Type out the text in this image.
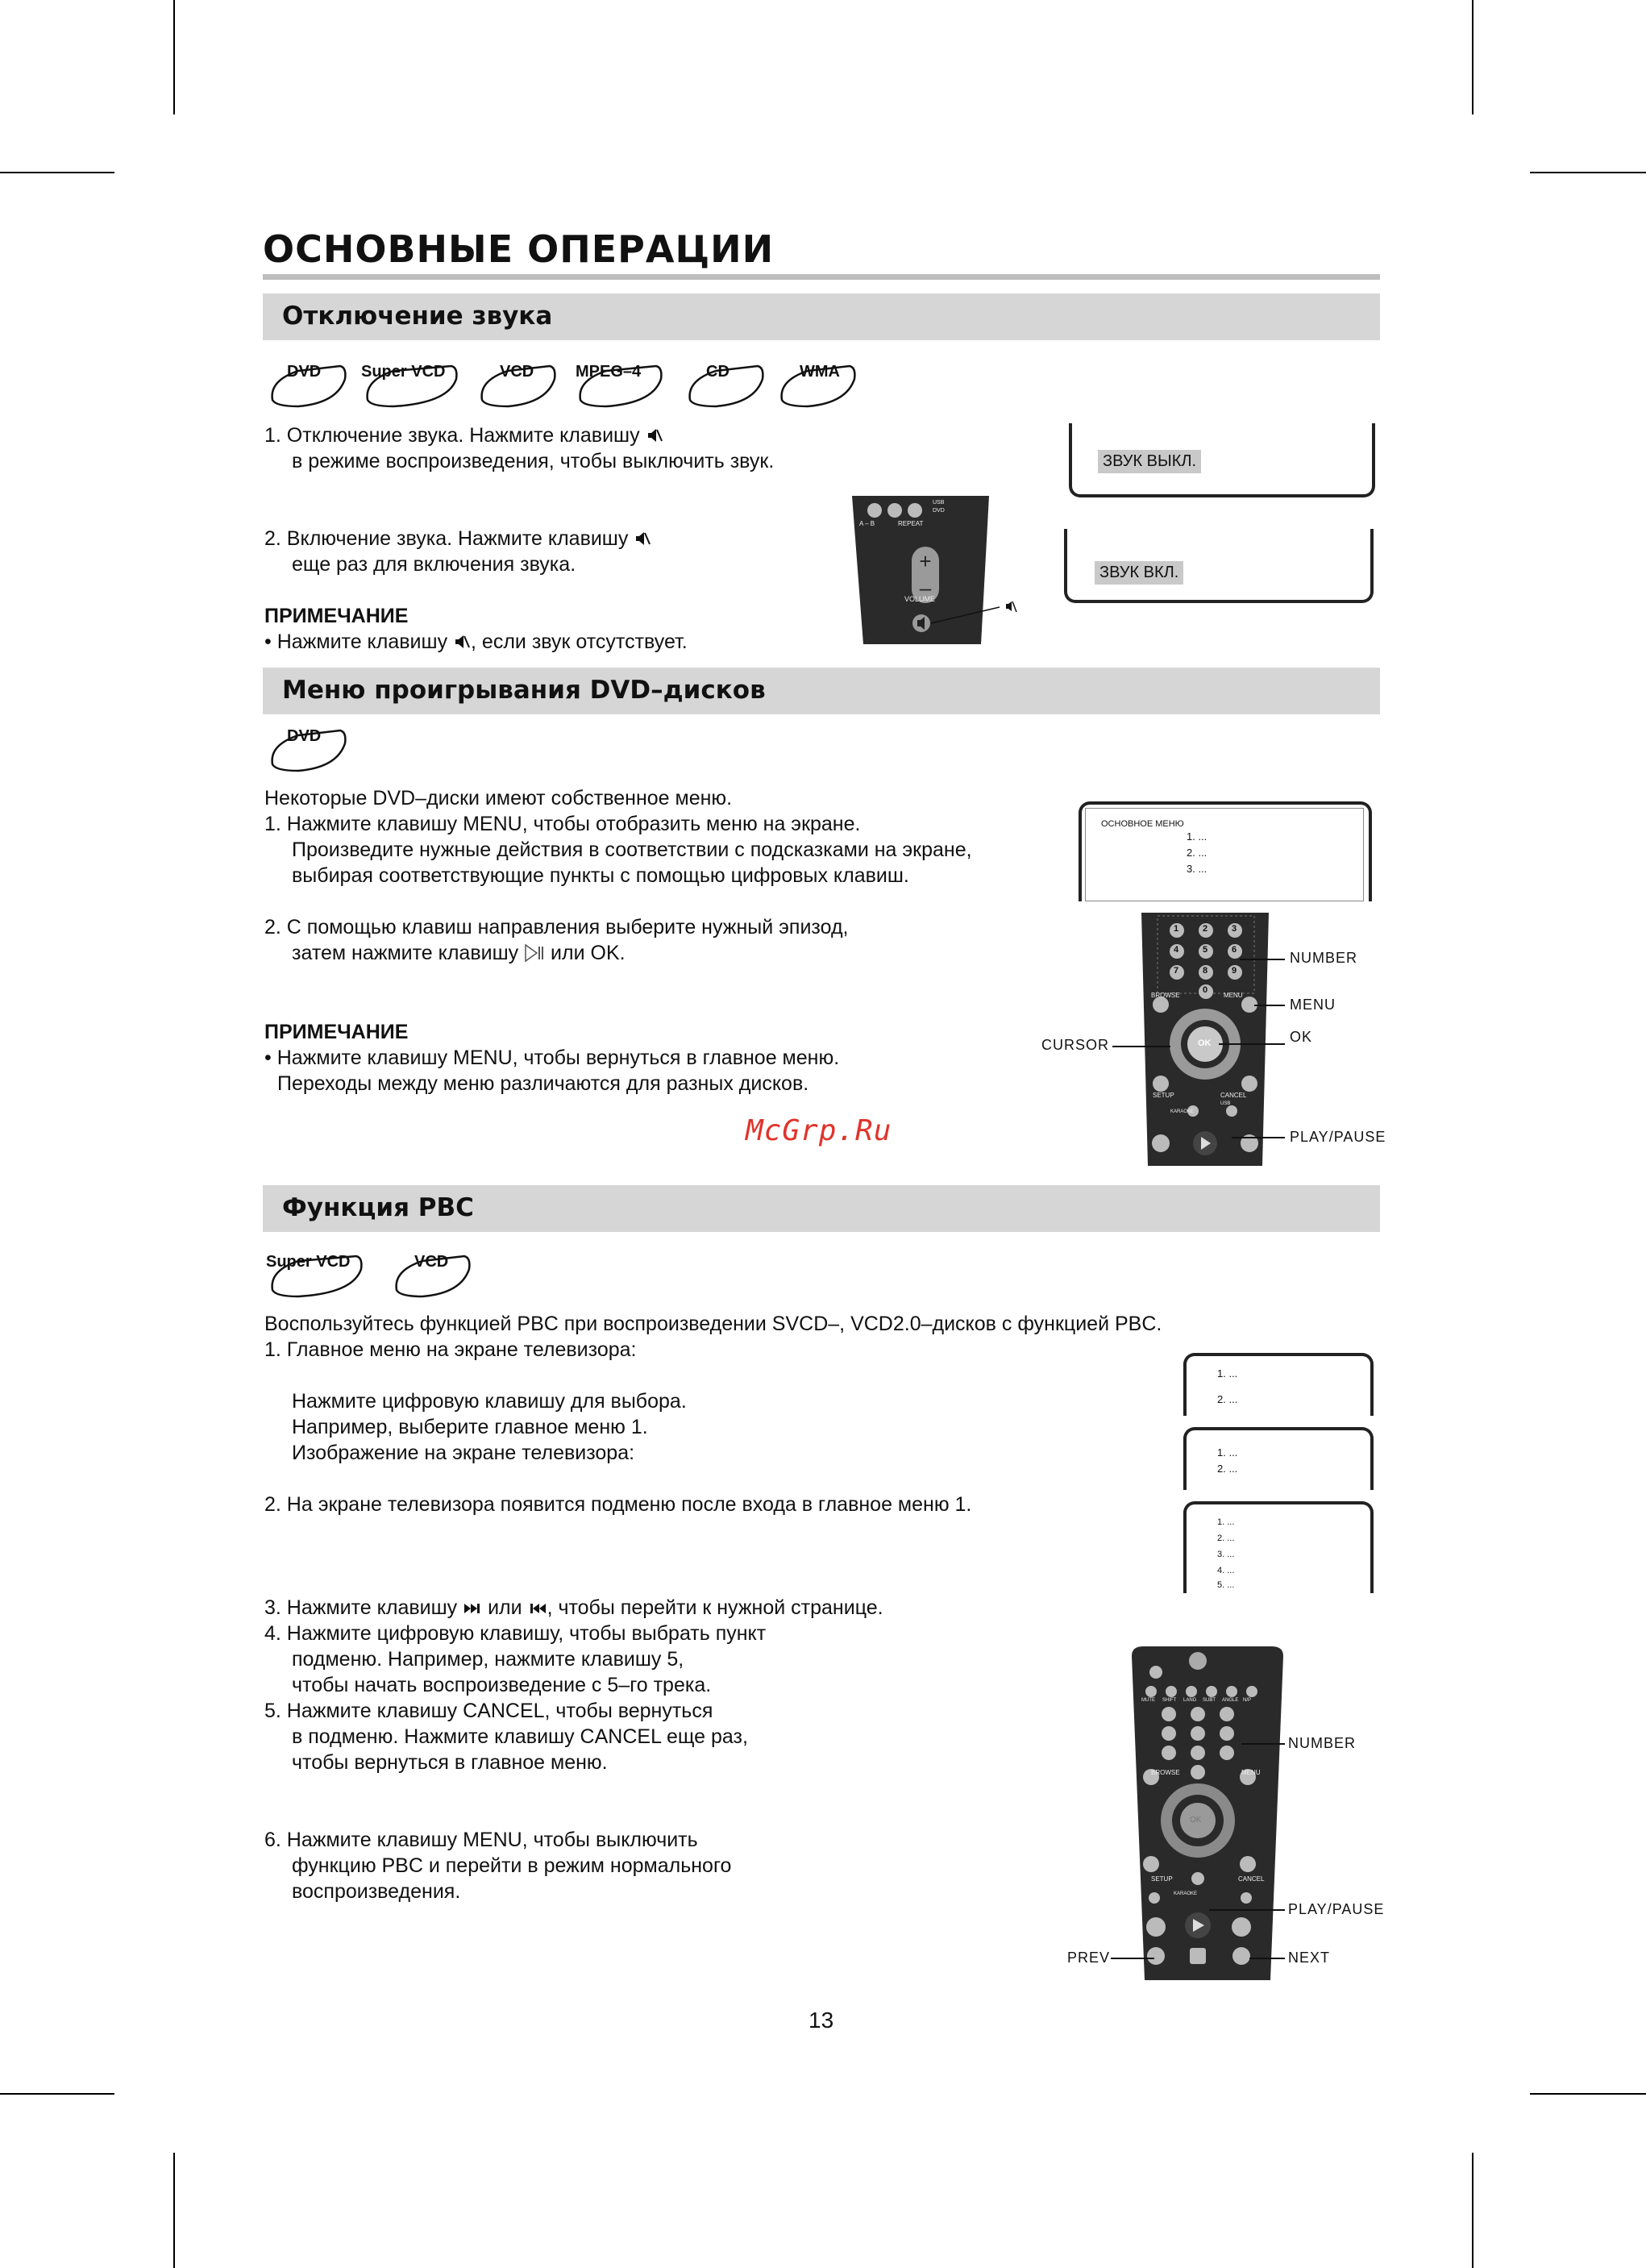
ОСНОВНЫЕ ОПЕРАЦИИ
Отключение звука
DVD Super VCD	VCD	MPEG–4	CD	WMA
1. Отключение звука. Нажмите клавишу
в режиме воспроизведения, чтобы выключить звук.
2. Включение звука. Нажмите клавишу
еще раз для включения звука.
ПРИМЕЧАНИЕ
• Нажмите клавишу , если звук отсутствует.
+
–
A – B	REPEAT
USB
DVD
VOLUME
ЗВУК ВЫКЛ.
ЗВУК ВКЛ.
Меню проигрывания DVD–дисков
DVD
Некоторые DVD–диски имеют собственное меню.
1. Нажмите клавишу MENU, чтобы отобразить меню на экране.
Произведите нужные действия в соответствии с подсказками на экране,
выбирая соответствующие пункты с помощью цифровых клавиш.
2. С помощью клавиш направления выберите нужный эпизод,
затем нажмите клавишу или OK.
ПРИМЕЧАНИЕ
• Нажмите клавишу MENU, чтобы вернуться в главное меню.
Переходы между меню различаются для разных дисков.
ОСНОВНОЕ МЕНЮ
1. ...
2. ...
3. ...
1	2	3
4	5	6
7	8	9
0
BROWSE	MENU
OK
SETUP	CANCEL
KARAOKE
USB
NUMBER
MENU
OK
CURSOR
PLAY/PAUSE
McGrp.Ru
Функция PBC
Super VCD	VCD
Воспользуйтесь функцией PBC при воспроизведении SVCD–, VCD2.0–дисков с функцией PBC.
1. Главное меню на экране телевизора:
Нажмите цифровую клавишу для выбора.
Например, выберите главное меню 1.
Изображение на экране телевизора:
2. На экране телевизора появится подменю после входа в главное меню 1.
3. Нажмите клавишу или , чтобы перейти к нужной странице.
4. Нажмите цифровую клавишу, чтобы выбрать пункт
подменю. Например, нажмите клавишу 5,
чтобы начать воспроизведение с 5–го трека.
5. Нажмите клавишу CANCEL, чтобы вернуться
в подменю. Нажмите клавишу CANCEL еще раз,
чтобы вернуться в главное меню.
6. Нажмите клавишу MENU, чтобы выключить
функцию PBC и перейти в режим нормального
воспроизведения.
1. ...
2. ...
1. ...
2. ...
1. ...
2. ...
3. ...
4. ...
5. ...
MUTE SHIFT LANG SUBT ANGLE N/P
BROWSE	MENU
OK
SETUP	CANCEL
KARAOKE
NUMBER
PLAY/PAUSE
PREV	NEXT
13
